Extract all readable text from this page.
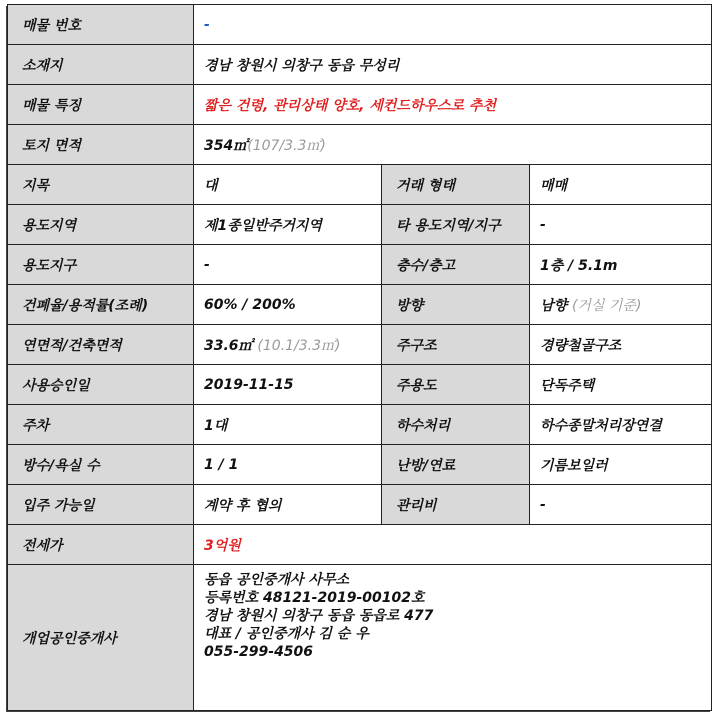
매물 번호	-		
소재지	경남 창원시 의창구 동읍 무성리		
매물 특징	짧은 건령, 관리상태 양호, 세컨드하우스로 추천		
토지 면적	354㎡(107/3.3㎡)		
지목	대	거래 형태	매매
용도지역	제1종일반주거지역	타 용도지역/지구	-
용도지구	-	층수/층고	1층 / 5.1m
건폐율/용적률(조례)	60% / 200%	방향	남향 (거실 기준)
연면적/건축면적	33.6㎡ (10.1/3.3㎡)	주구조	경량철골구조
사용승인일	2019-11-15	주용도	단독주택
주차	1대	하수처리	하수종말처리장연결
방수/욕실 수	1 / 1	난방/연료	기름보일러
입주 가능일	계약 후 협의	관리비	-
전세가	3억원		
개업공인중개사	동읍 공인중개사 사무소
등록번호 48121-2019-00102호
경남 창원시 의창구 동읍 동읍로 477
대표 / 공인중개사 김 순 우
055-299-4506		
